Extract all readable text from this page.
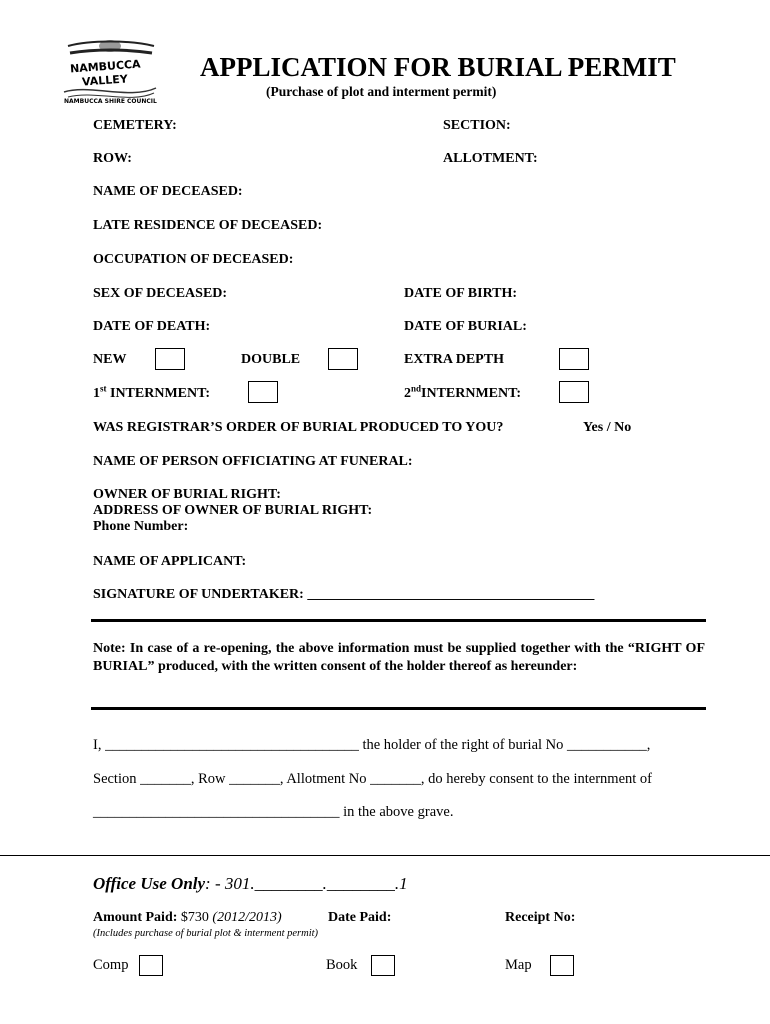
NAMBUCCA
VALLEY
NAMBUCCA SHIRE COUNCIL
APPLICATION FOR BURIAL PERMIT
(Purchase of plot and interment permit)
CEMETERY:	SECTION:
ROW:	ALLOTMENT:
NAME OF DECEASED:
LATE RESIDENCE OF DECEASED:
OCCUPATION OF DECEASED:
SEX OF DECEASED:	DATE OF BIRTH:
DATE OF DEATH:	DATE OF BURIAL:
NEW	DOUBLE	EXTRA DEPTH
1st INTERNMENT:	2ndINTERNMENT:
WAS REGISTRAR’S ORDER OF BURIAL PRODUCED TO YOU?	Yes / No
NAME OF PERSON OFFICIATING AT FUNERAL:
OWNER OF BURIAL RIGHT:
ADDRESS OF OWNER OF BURIAL RIGHT:
Phone Number:
NAME OF APPLICANT:
SIGNATURE OF UNDERTAKER: _________________________________________
Note: In case of a re-opening, the above information must be supplied together with the “RIGHT OF BURIAL” produced, with the written consent of the holder thereof as hereunder:
I, ___________________________________ the holder of the right of burial No ___________,
Section _______, Row _______, Allotment No _______, do hereby consent to the internment of
__________________________________ in the above grave.
Office Use Only: - 301.________.________.1
Amount Paid: $730 (2012/2013)	Date Paid:	Receipt No:
(Includes purchase of burial plot & interment permit)
Comp	Book	Map
